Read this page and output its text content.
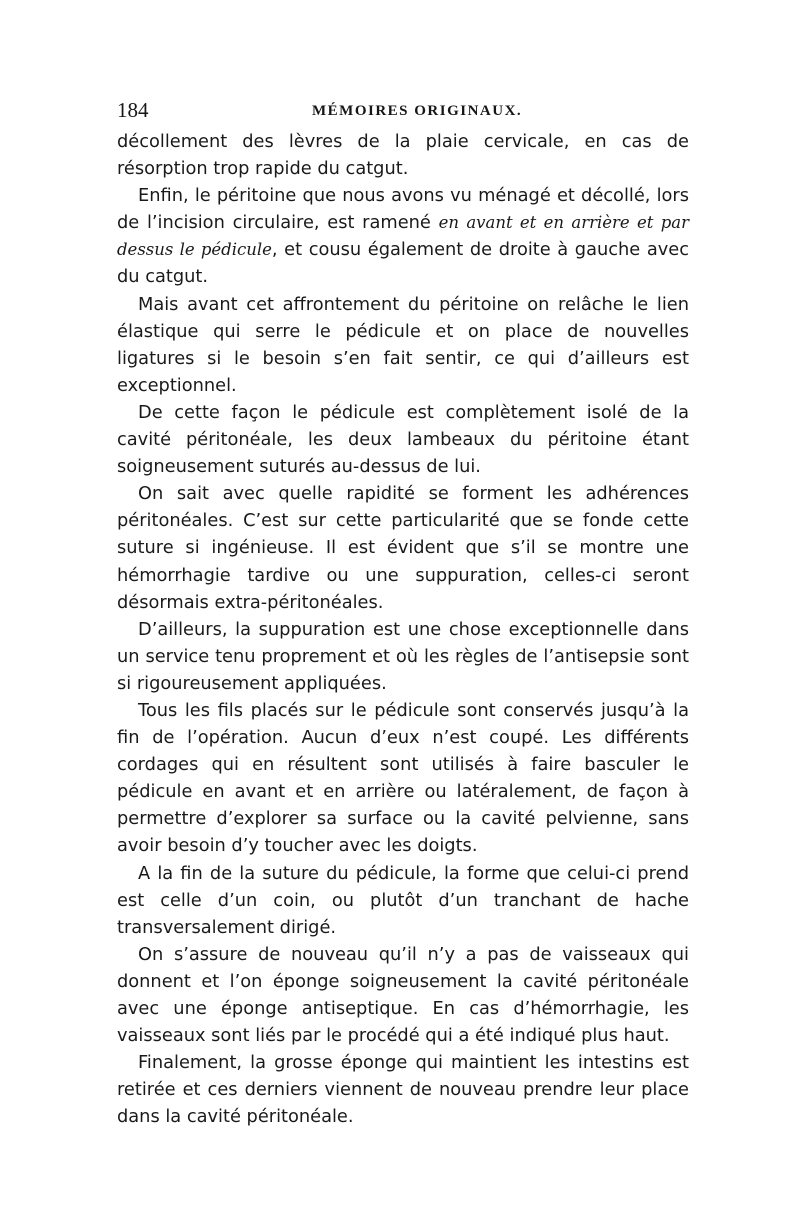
184	MÉMOIRES ORIGINAUX.

décollement des lèvres de la plaie cervicale, en cas de résorption trop rapide du catgut.

Enfin, le péritoine que nous avons vu ménagé et décollé, lors de l’incision circulaire, est ramené en avant et en arrière et par dessus le pédicule, et cousu également de droite à gauche avec du catgut.

Mais avant cet affrontement du péritoine on relâche le lien élastique qui serre le pédicule et on place de nouvelles ligatures si le besoin s’en fait sentir, ce qui d’ailleurs est exceptionnel.

De cette façon le pédicule est complètement isolé de la cavité péritonéale, les deux lambeaux du péritoine étant soigneusement suturés au-dessus de lui.

On sait avec quelle rapidité se forment les adhérences péritonéales. C’est sur cette particularité que se fonde cette suture si ingénieuse. Il est évident que s’il se montre une hémorrhagie tardive ou une suppuration, celles-ci seront désormais extra-péritonéales.

D’ailleurs, la suppuration est une chose exceptionnelle dans un service tenu proprement et où les règles de l’antisepsie sont si rigoureusement appliquées.

Tous les fils placés sur le pédicule sont conservés jusqu’à la fin de l’opération. Aucun d’eux n’est coupé. Les différents cordages qui en résultent sont utilisés à faire basculer le pédicule en avant et en arrière ou latéralement, de façon à permettre d’explorer sa surface ou la cavité pelvienne, sans avoir besoin d’y toucher avec les doigts.

A la fin de la suture du pédicule, la forme que celui-ci prend est celle d’un coin, ou plutôt d’un tranchant de hache transversalement dirigé.

On s’assure de nouveau qu’il n’y a pas de vaisseaux qui donnent et l’on éponge soigneusement la cavité péritonéale avec une éponge antiseptique. En cas d’hémorrhagie, les vaisseaux sont liés par le procédé qui a été indiqué plus haut.

Finalement, la grosse éponge qui maintient les intestins est retirée et ces derniers viennent de nouveau prendre leur place dans la cavité péritonéale.
